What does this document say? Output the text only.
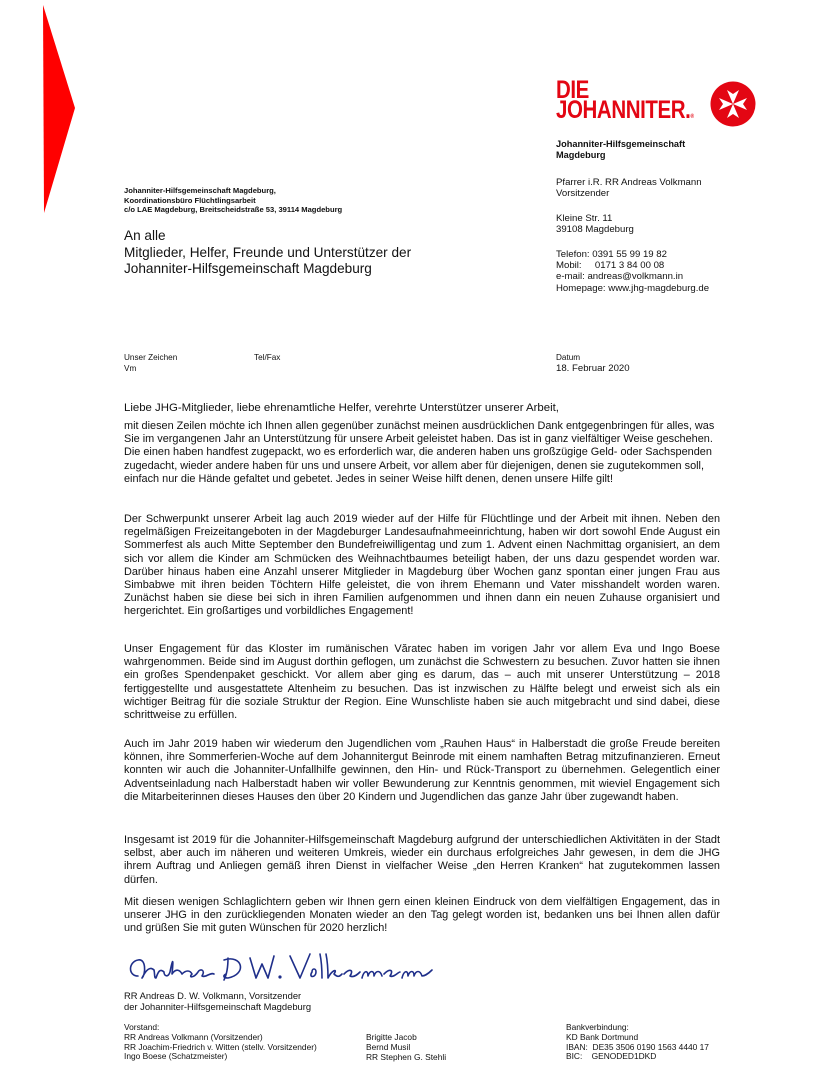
DIE
JOHANNITER.®
Johanniter-Hilfsgemeinschaft
Magdeburg
Pfarrer i.R. RR Andreas Volkmann
Vorsitzender
Kleine Str. 11
39108 Magdeburg
Telefon: 0391 55 99 19 82
Mobil:     0171 3 84 00 08
e-mail: andreas@volkmann.in
Homepage: www.jhg-magdeburg.de
Johanniter-Hilfsgemeinschaft Magdeburg,
Koordinationsbüro Flüchtlingsarbeit
c/o LAE Magdeburg, Breitscheidstraße 53, 39114 Magdeburg
An alle
Mitglieder, Helfer, Freunde und Unterstützer der
Johanniter-Hilfsgemeinschaft Magdeburg
Unser Zeichen
Vm
Tel/Fax	Datum
18. Februar 2020
Liebe JHG-Mitglieder, liebe ehrenamtliche Helfer, verehrte Unterstützer unserer Arbeit,

mit diesen Zeilen möchte ich Ihnen allen gegenüber zunächst meinen ausdrücklichen Dank entgegenbringen für alles, was Sie im vergangenen Jahr an Unterstützung für unsere Arbeit geleistet haben. Das ist in ganz vielfältiger Weise geschehen. Die einen haben handfest zugepackt, wo es erforderlich war, die anderen haben uns großzügige Geld- oder Sachspenden zugedacht, wieder andere haben für uns und unsere Arbeit, vor allem aber für diejenigen, denen sie zugutekommen soll, einfach nur die Hände gefaltet und gebetet. Jedes in seiner Weise hilft denen, denen unsere Hilfe gilt!

Der Schwerpunkt unserer Arbeit lag auch 2019 wieder auf der Hilfe für Flüchtlinge und der Arbeit mit ihnen. Neben den regelmäßigen Freizeitangeboten in der Magdeburger Landesaufnahmeeinrichtung, haben wir dort sowohl Ende August ein Sommerfest als auch Mitte September den Bundefreiwilligentag und zum 1. Advent einen Nachmittag organisiert, an dem sich vor allem die Kinder am Schmücken des Weihnachtbaumes beteiligt haben, der uns dazu gespendet worden war. Darüber hinaus haben eine Anzahl unserer Mitglieder in Magdeburg über Wochen ganz spontan einer jungen Frau aus Simbabwe mit ihren beiden Töchtern Hilfe geleistet, die von ihrem Ehemann und Vater misshandelt worden waren. Zunächst haben sie diese bei sich in ihren Familien aufgenommen und ihnen dann ein neuen Zuhause organisiert und hergerichtet. Ein großartiges und vorbildliches Engagement!

Unser Engagement für das Kloster im rumänischen Văratec haben im vorigen Jahr vor allem Eva und Ingo Boese wahrgenommen. Beide sind im August dorthin geflogen, um zunächst die Schwestern zu besuchen. Zuvor hatten sie ihnen ein großes Spendenpaket geschickt. Vor allem aber ging es darum, das – auch mit unserer Unterstützung – 2018 fertiggestellte und ausgestattete Altenheim zu besuchen. Das ist inzwischen zu Hälfte belegt und erweist sich als ein wichtiger Beitrag für die soziale Struktur der Region. Eine Wunschliste haben sie auch mitgebracht und sind dabei, diese schrittweise zu erfüllen.

Auch im Jahr 2019 haben wir wiederum den Jugendlichen vom „Rauhen Haus“ in Halberstadt die große Freude bereiten können, ihre Sommerferien-Woche auf dem Johannitergut Beinrode mit einem namhaften Betrag mitzufinanzieren. Erneut konnten wir auch die Johanniter-Unfallhilfe gewinnen, den Hin- und Rück-Transport zu übernehmen. Gelegentlich einer Adventseinladung nach Halberstadt haben wir voller Bewunderung zur Kenntnis genommen, mit wieviel Engagement sich die Mitarbeiterinnen dieses Hauses den über 20 Kindern und Jugendlichen das ganze Jahr über zugewandt haben.

Insgesamt ist 2019 für die Johanniter-Hilfsgemeinschaft Magdeburg aufgrund der unterschiedlichen Aktivitäten in der Stadt selbst, aber auch im näheren und weiteren Umkreis, wieder ein durchaus erfolgreiches Jahr gewesen, in dem die JHG ihrem Auftrag und Anliegen gemäß ihren Dienst in vielfacher Weise „den Herren Kranken“ hat zugutekommen lassen dürfen.

Mit diesen wenigen Schlaglichtern geben wir Ihnen gern einen kleinen Eindruck von dem vielfältigen Engagement, das in unserer JHG in den zurückliegenden Monaten wieder an den Tag gelegt worden ist, bedanken uns bei Ihnen allen dafür und grüßen Sie mit guten Wünschen für 2020 herzlich!

RR Andreas D. W. Volkmann, Vorsitzender
der Johanniter-Hilfsgemeinschaft Magdeburg
Vorstand:
RR Andreas Volkmann (Vorsitzender)
RR Joachim-Friedrich v. Witten (stellv. Vorsitzender)
Ingo Boese (Schatzmeister)
Brigitte Jacob
Bernd Musil
RR Stephen G. Stehli
Bankverbindung:
KD Bank Dortmund
IBAN:  DE35 3506 0190 1563 4440 17
BIC:    GENODED1DKD
